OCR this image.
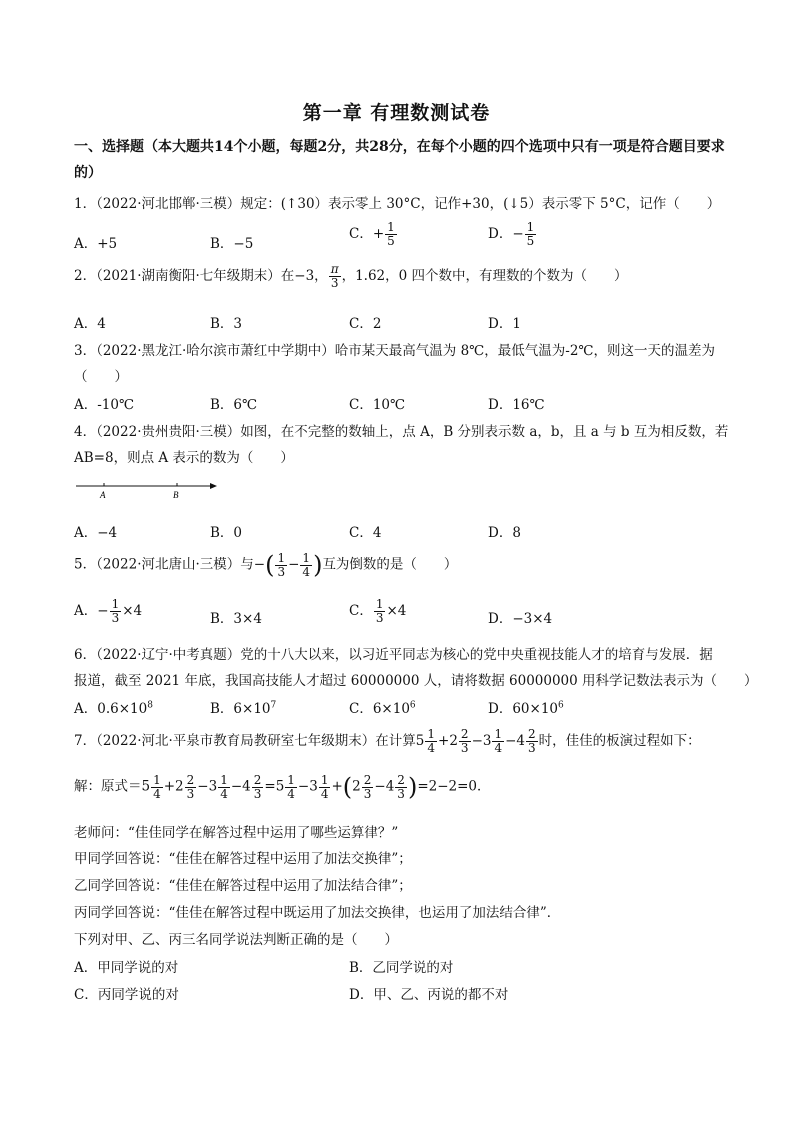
第一章 有理数测试卷
一、选择题（本大题共14个小题，每题2分，共28分，在每个小题的四个选项中只有一项是符合题目要求的）
1．（2022·河北邯郸·三模）规定：(↑30）表示零上 30°C，记作+30，(↓5）表示零下 5°C，记作（　　）
A．+5	B．−5
C．+ $\frac{1}{5}$	D．− $\frac{1}{5}$
2．（2021·湖南衡阳·七年级期末）在−3， $\frac{\pi}{3}$ ，1.62，0 四个数中，有理数的个数为（　　）
A．4	B．3	C．2	D．1
3．（2022·黑龙江·哈尔滨市萧红中学期中）哈市某天最高气温为 8℃，最低气温为-2℃，则这一天的温差为
（　　）
A．-10℃	B．6℃	C．10℃	D．16℃
4．（2022·贵州贵阳·三模）如图，在不完整的数轴上，点 A，B 分别表示数 a，b，且 a 与 b 互为相反数，若
AB=8，则点 A 表示的数为（　　）
A	B
A．−4	B．0	C．4	D．8
5．（2022·河北唐山·三模）与−( $\frac{1}{3} - \frac{1}{4}$ )互为倒数的是（　　）
A．− $\frac{1}{3} \times 4$	B．3×4	C． $\frac{1}{3} \times 4$	D．−3×4
6．（2022·辽宁·中考真题）党的十八大以来，以习近平同志为核心的党中央重视技能人才的培育与发展．据
报道，截至 2021 年底，我国高技能人才超过 60000000 人，请将数据 60000000 用科学记数法表示为（　　）
A．$0.6\times 10^8$	B．$6\times 10^7$	C．$6\times 10^6$	D．$60\times 10^6$
7．（2022·河北·平泉市教育局教研室七年级期末）在计算$5 \frac{1}{4} +2 \frac{2}{3} -3 \frac{1}{4} -4 \frac{2}{3}$ 时，佳佳的板演过程如下：
解：原式$=5 \frac{1}{4} +2 \frac{2}{3} -3 \frac{1}{4} -4 \frac{2}{3} =5 \frac{1}{4} -3 \frac{1}{4} +(2 \frac{2}{3} -4 \frac{2}{3} )=2-2=0$．
老师问：“佳佳同学在解答过程中运用了哪些运算律？”
甲同学回答说：“佳佳在解答过程中运用了加法交换律”；
乙同学回答说：“佳佳在解答过程中运用了加法结合律”；
丙同学回答说：“佳佳在解答过程中既运用了加法交换律，也运用了加法结合律”．
下列对甲、乙、丙三名同学说法判断正确的是（　　）
A．甲同学说的对	B．乙同学说的对
C．丙同学说的对	D．甲、乙、丙说的都不对
